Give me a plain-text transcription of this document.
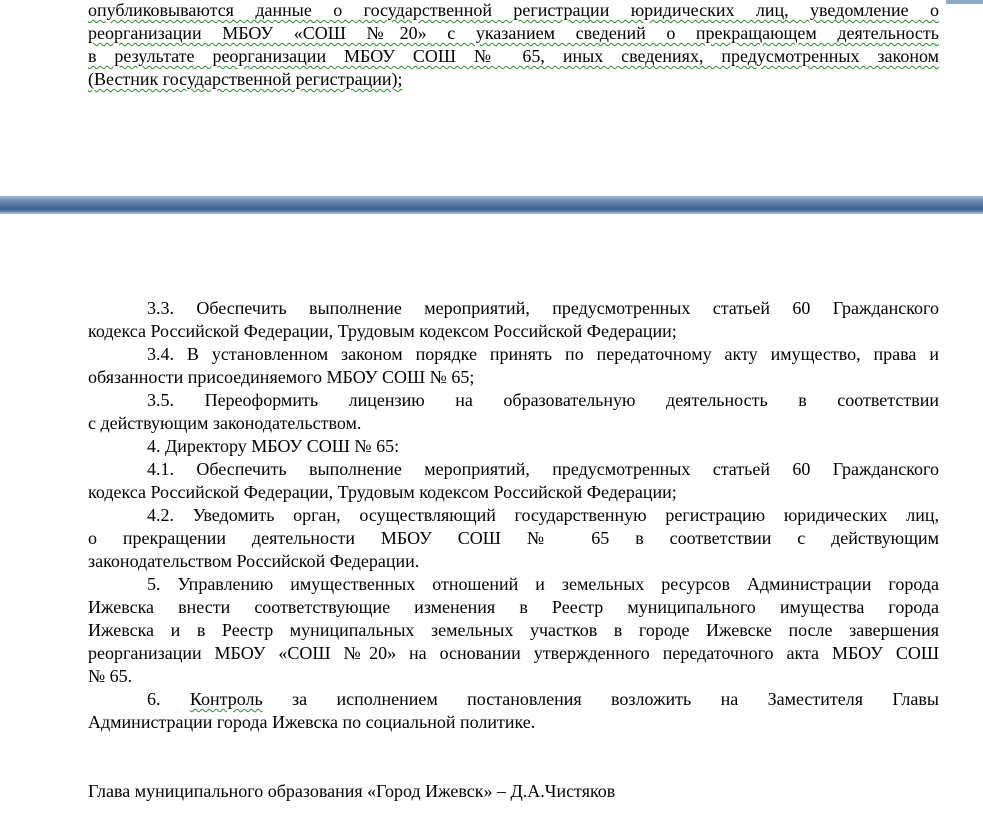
опубликовываются данные о государственной регистрации юридических лиц, уведомление о
реорганизации МБОУ «СОШ №20» с указанием сведений о прекращающем деятельность
в результате реорганизации МБОУ СОШ № 65, иных сведениях, предусмотренных законом
(Вестник государственной регистрации);
3.3. Обеспечить выполнение мероприятий, предусмотренных статьей 60 Гражданского
кодекса Российской Федерации, Трудовым кодексом Российской Федерации;
3.4. В установленном законом порядке принять по передаточному акту имущество, права и
обязанности присоединяемого МБОУ СОШ № 65;
3.5. Переоформить лицензию на образовательную деятельность в соответствии
с действующим законодательством.
4. Директору МБОУ СОШ № 65:
4.1. Обеспечить выполнение мероприятий, предусмотренных статьей 60 Гражданского
кодекса Российской Федерации, Трудовым кодексом Российской Федерации;
4.2. Уведомить орган, осуществляющий государственную регистрацию юридических лиц,
о прекращении деятельности МБОУ СОШ № 65 в соответствии с действующим
законодательством Российской Федерации.
5. Управлению имущественных отношений и земельных ресурсов Администрации города
Ижевска внести соответствующие изменения в Реестр муниципального имущества города
Ижевска и в Реестр муниципальных земельных участков в городе Ижевске после завершения
реорганизации МБОУ «СОШ №20» на основании утвержденного передаточного акта МБОУ СОШ
№ 65.
6. Контроль за исполнением постановления возложить на Заместителя Главы
Администрации города Ижевска по социальной политике.
Глава муниципального образования «Город Ижевск» – Д.А.Чистяков
